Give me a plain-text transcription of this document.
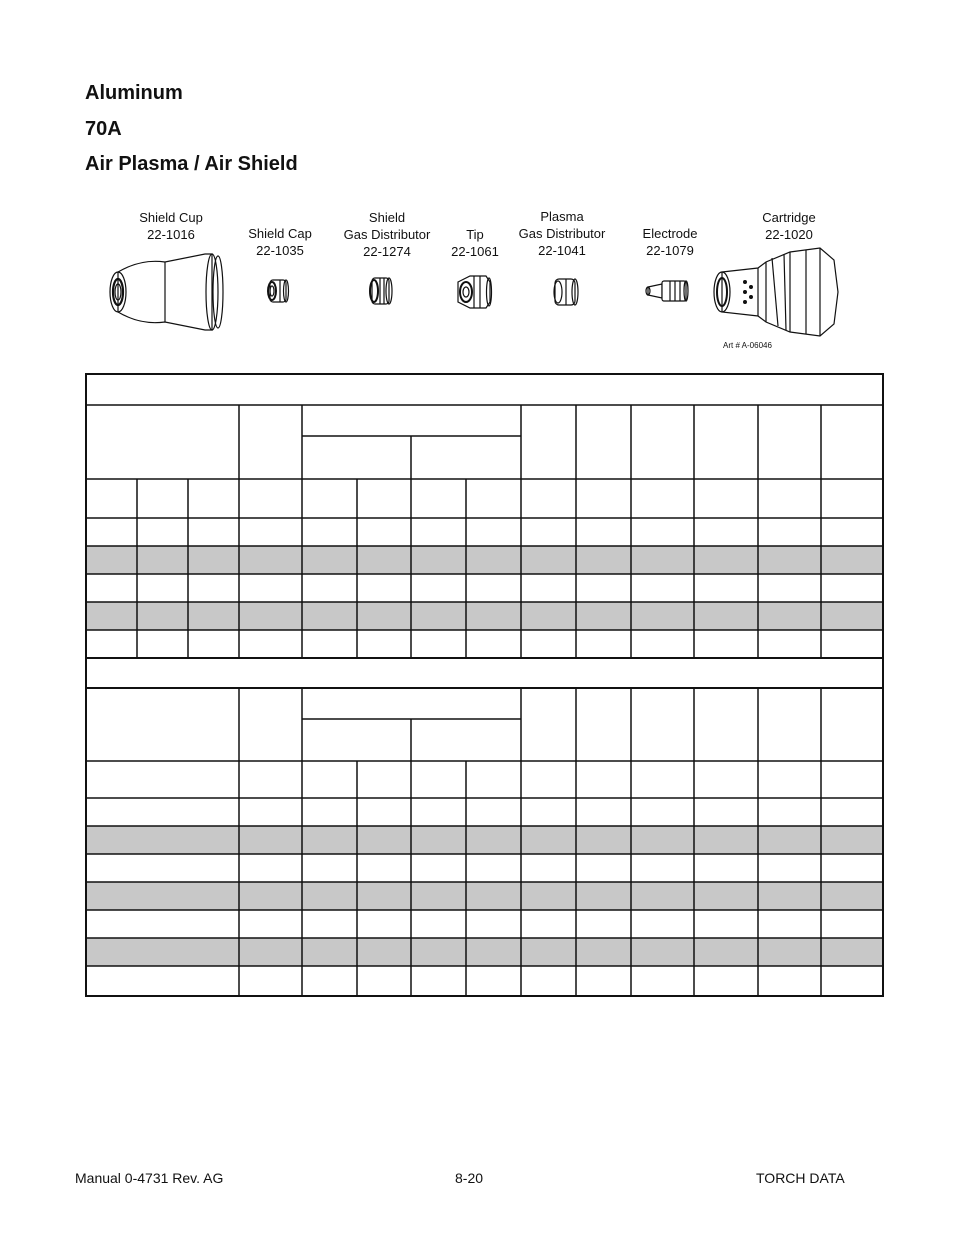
Aluminum
70A
Air Plasma / Air Shield
Shield Cup
22-1016	Shield Cap
22-1035
Shield
Gas Distributor
22-1274
Tip
22-1061
Plasma
Gas Distributor
22-1041
Electrode
22-1079
Cartridge
22-1020
Art # A-06046
Manual 0-4731 Rev. AG	8-20	TORCH DATA
